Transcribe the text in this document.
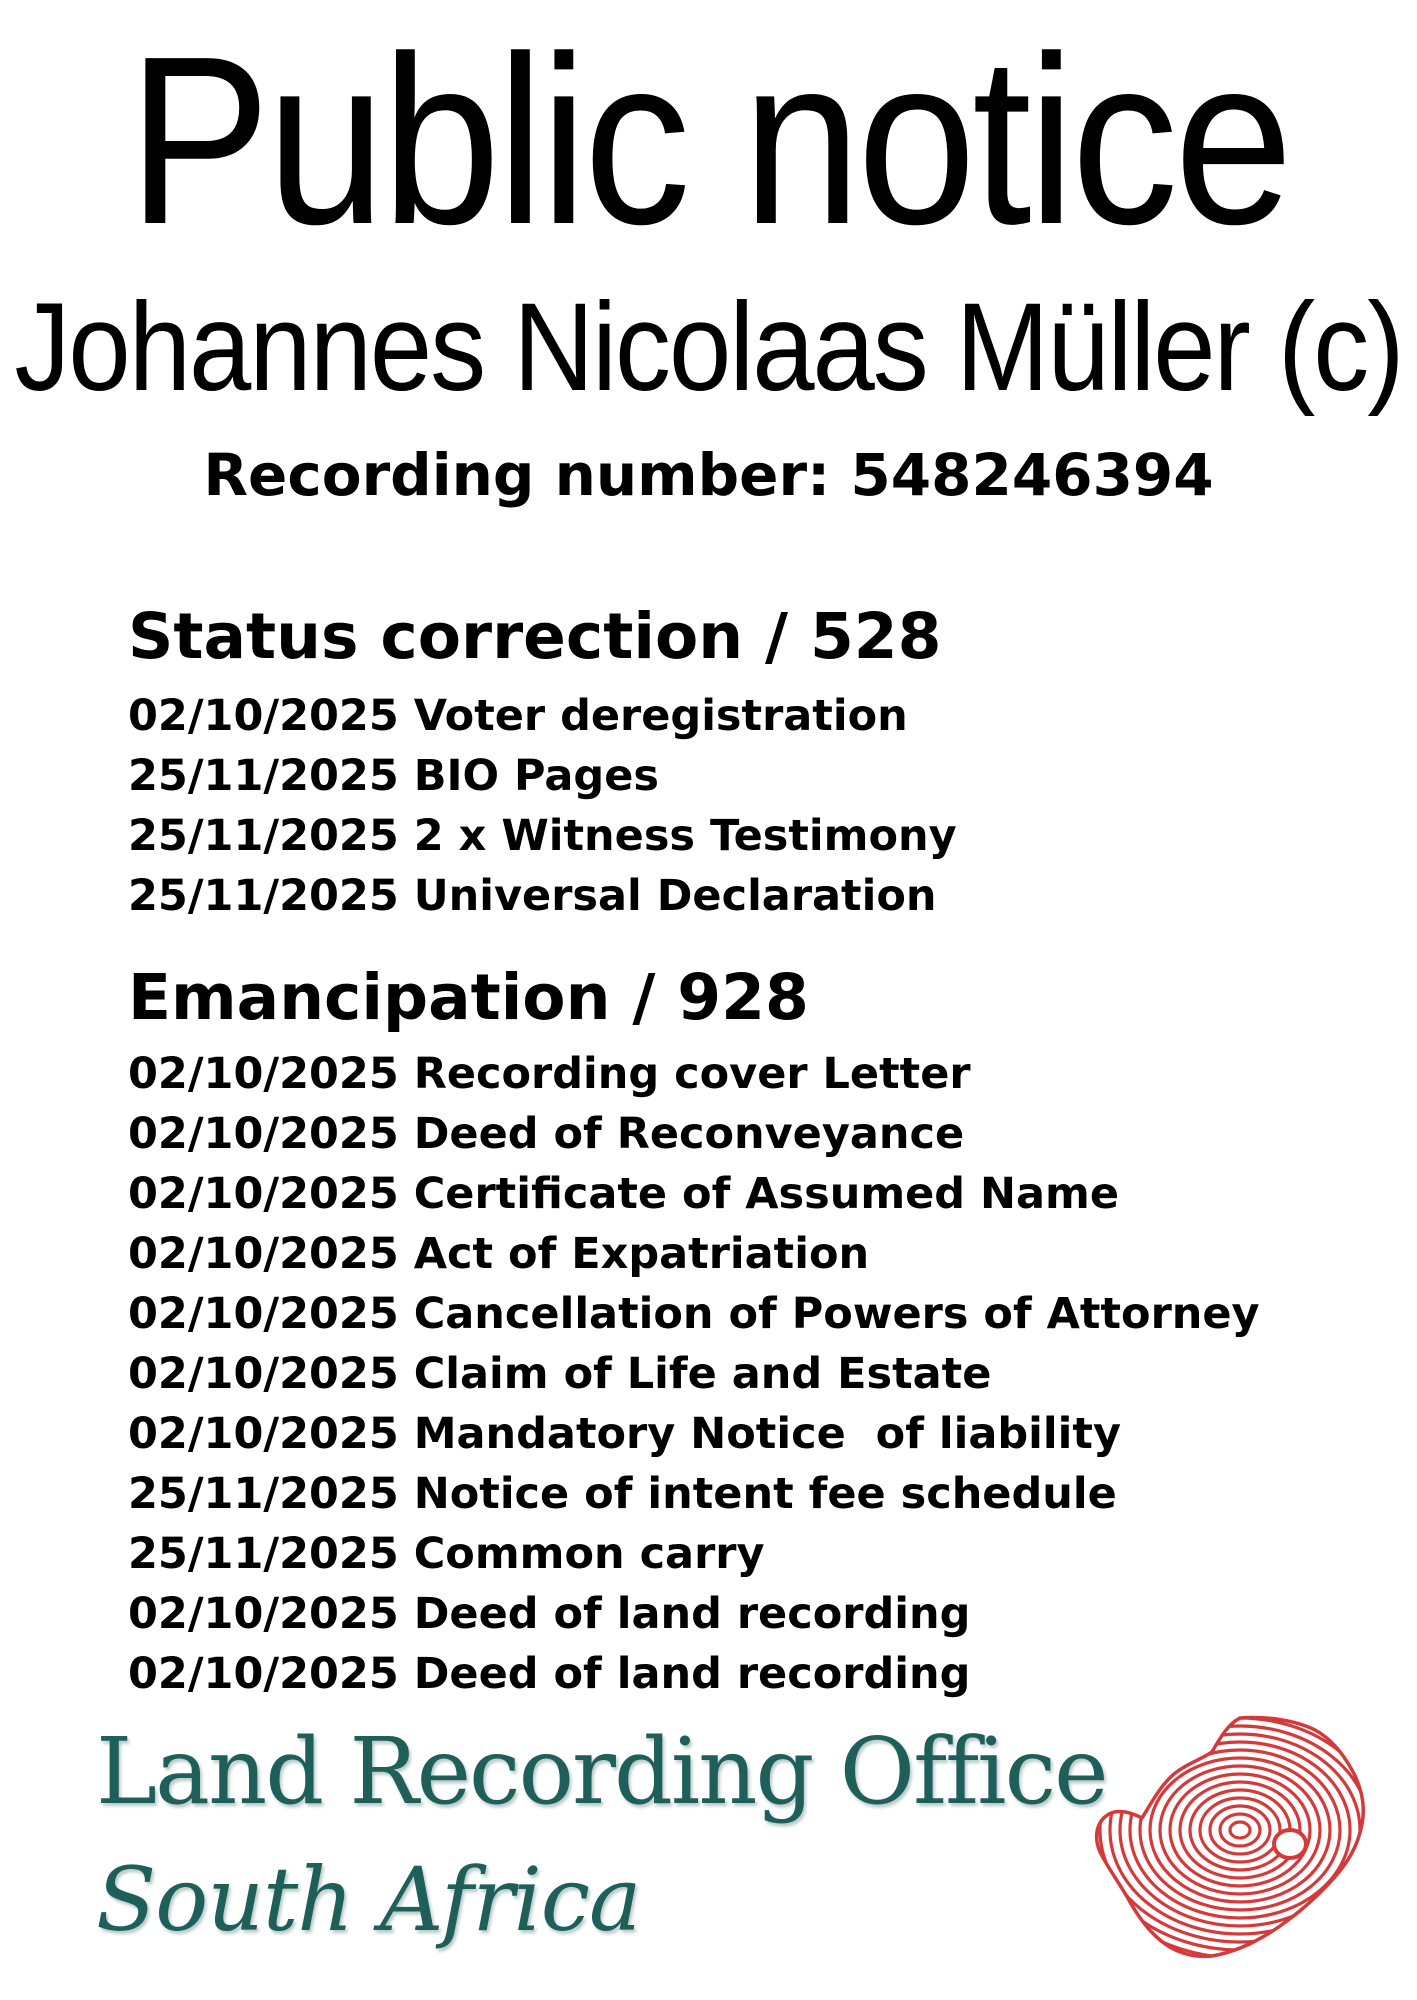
Public notice
Johannes Nicolaas Müller (c)
Recording number: 548246394
Status correction / 528
02/10/2025 Voter deregistration
25/11/2025 BIO Pages
25/11/2025 2 x Witness Testimony
25/11/2025 Universal Declaration
Emancipation / 928
02/10/2025 Recording cover Letter
02/10/2025 Deed of Reconveyance
02/10/2025 Certificate of Assumed Name
02/10/2025 Act of Expatriation
02/10/2025 Cancellation of Powers of Attorney
02/10/2025 Claim of Life and Estate
02/10/2025 Mandatory Notice  of liability
25/11/2025 Notice of intent fee schedule
25/11/2025 Common carry
02/10/2025 Deed of land recording
02/10/2025 Deed of land recording
Land Recording Office
South Africa
